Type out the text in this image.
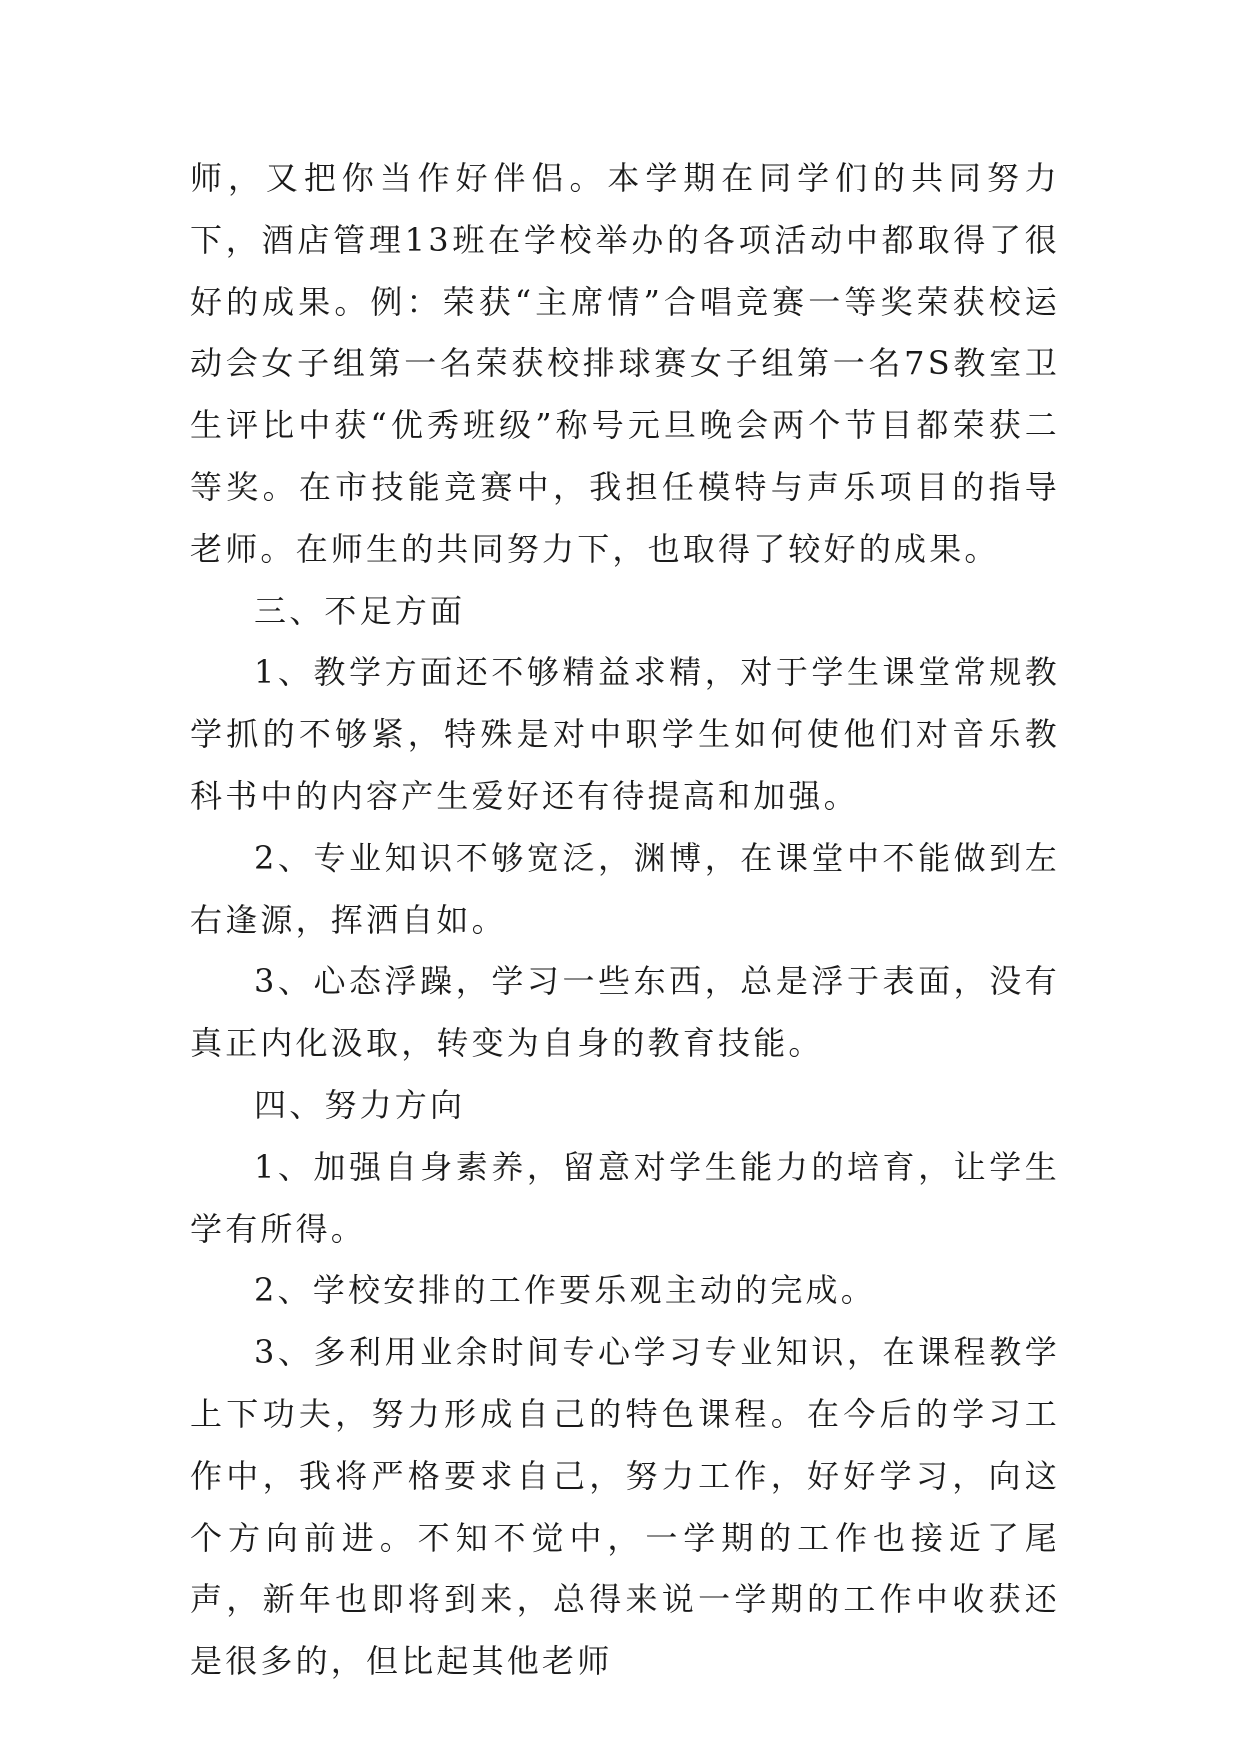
师，又把你当作好伴侣。本学期在同学们的共同努力下，酒店管理13班在学校举办的各项活动中都取得了很好的成果。例：荣获“主席情”合唱竞赛一等奖荣获校运动会女子组第一名荣获校排球赛女子组第一名7S教室卫生评比中获“优秀班级”称号元旦晚会两个节目都荣获二等奖。在市技能竞赛中，我担任模特与声乐项目的指导老师。在师生的共同努力下，也取得了较好的成果。

三、不足方面

1、教学方面还不够精益求精，对于学生课堂常规教学抓的不够紧，特殊是对中职学生如何使他们对音乐教科书中的内容产生爱好还有待提高和加强。

2、专业知识不够宽泛，渊博，在课堂中不能做到左右逢源，挥洒自如。

3、心态浮躁，学习一些东西，总是浮于表面，没有真正内化汲取，转变为自身的教育技能。

四、努力方向

1、加强自身素养，留意对学生能力的培育，让学生学有所得。

2、学校安排的工作要乐观主动的完成。

3、多利用业余时间专心学习专业知识，在课程教学上下功夫，努力形成自己的特色课程。在今后的学习工作中，我将严格要求自己，努力工作，好好学习，向这个方向前进。不知不觉中，一学期的工作也接近了尾声，新年也即将到来，总得来说一学期的工作中收获还是很多的，但比起其他老师
